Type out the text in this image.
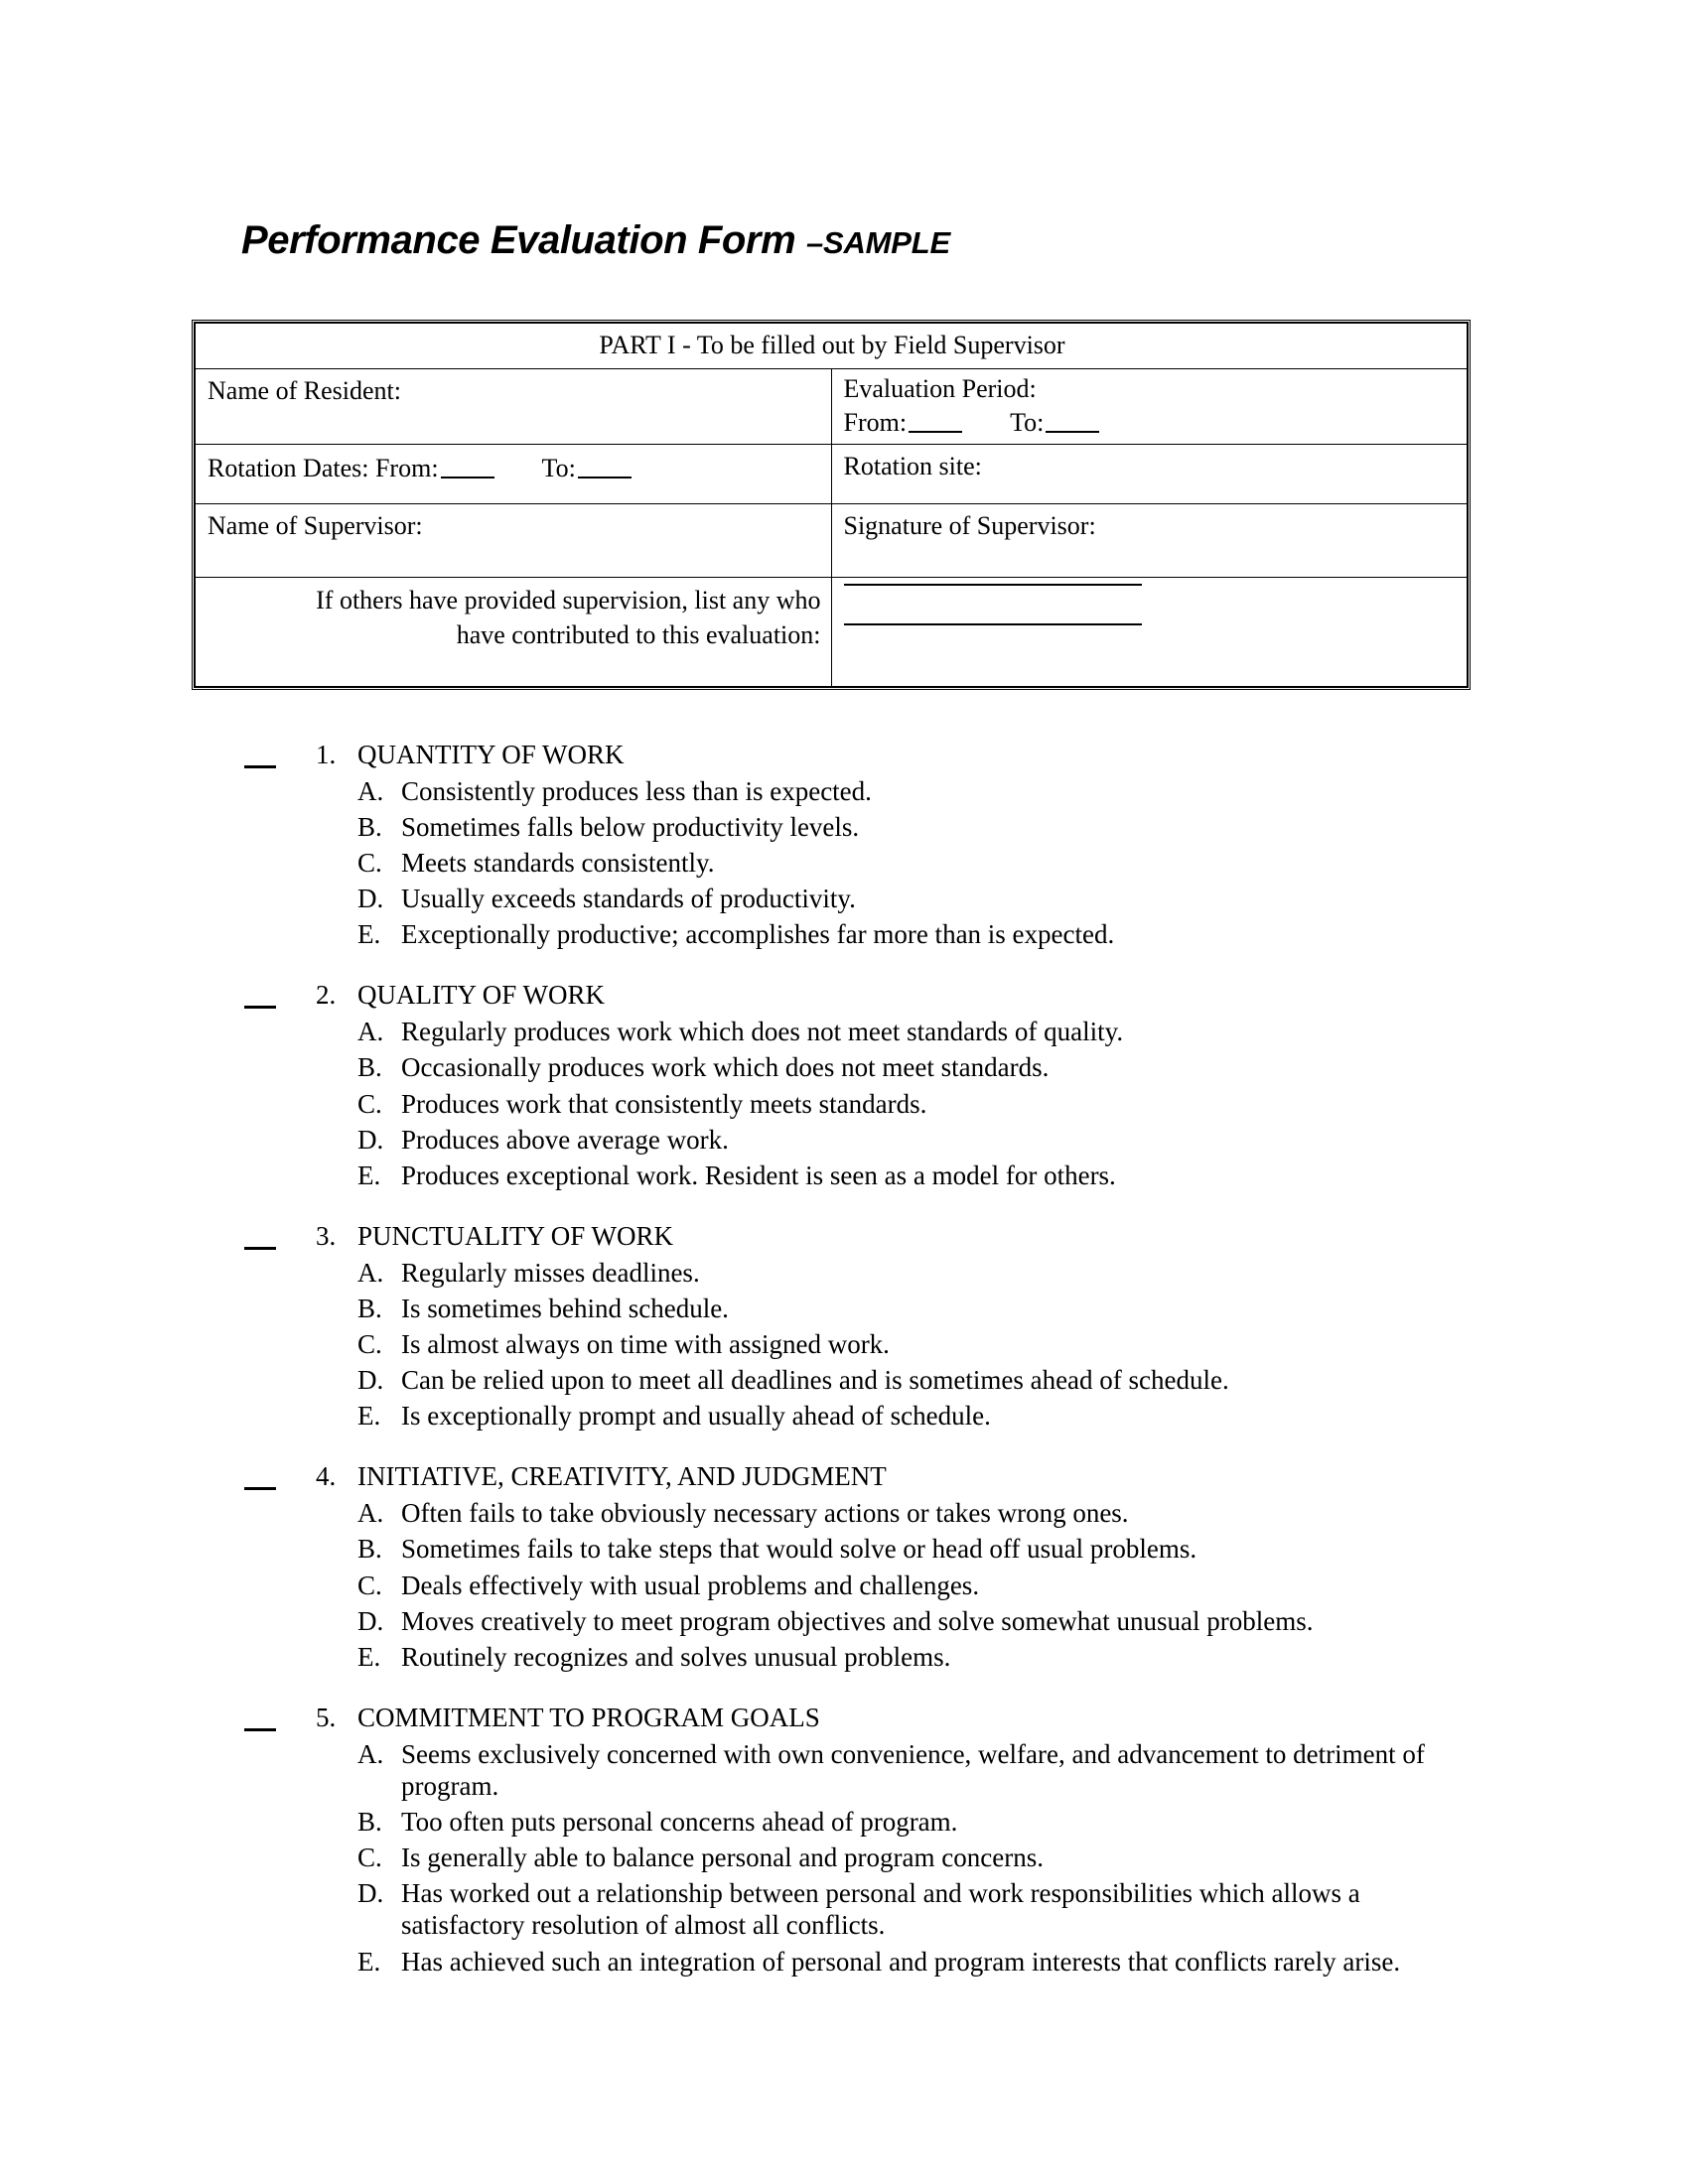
Performance Evaluation Form –SAMPLE
PART I - To be filled out by Field Supervisor	
Name of Resident:	Evaluation Period:
From: To:

Rotation Dates: From: To:	Rotation site:
Name of Supervisor:	Signature of Supervisor:

If others have provided supervision, list any who
have contributed to this evaluation:	

1. QUANTITY OF WORK
A. Consistently produces less than is expected.
B. Sometimes falls below productivity levels.
C. Meets standards consistently.
D. Usually exceeds standards of productivity.
E. Exceptionally productive; accomplishes far more than is expected.
2. QUALITY OF WORK
A. Regularly produces work which does not meet standards of quality.
B. Occasionally produces work which does not meet standards.
C. Produces work that consistently meets standards.
D. Produces above average work.
E. Produces exceptional work. Resident is seen as a model for others.
3. PUNCTUALITY OF WORK
A. Regularly misses deadlines.
B. Is sometimes behind schedule.
C. Is almost always on time with assigned work.
D. Can be relied upon to meet all deadlines and is sometimes ahead of schedule.
E. Is exceptionally prompt and usually ahead of schedule.
4. INITIATIVE, CREATIVITY, AND JUDGMENT
A. Often fails to take obviously necessary actions or takes wrong ones.
B. Sometimes fails to take steps that would solve or head off usual problems.
C. Deals effectively with usual problems and challenges.
D. Moves creatively to meet program objectives and solve somewhat unusual problems.
E. Routinely recognizes and solves unusual problems.
5. COMMITMENT TO PROGRAM GOALS
A. Seems exclusively concerned with own convenience, welfare, and advancement to detriment of program.
B. Too often puts personal concerns ahead of program.
C. Is generally able to balance personal and program concerns.
D. Has worked out a relationship between personal and work responsibilities which allows a satisfactory resolution of almost all conflicts.
E. Has achieved such an integration of personal and program interests that conflicts rarely arise.
